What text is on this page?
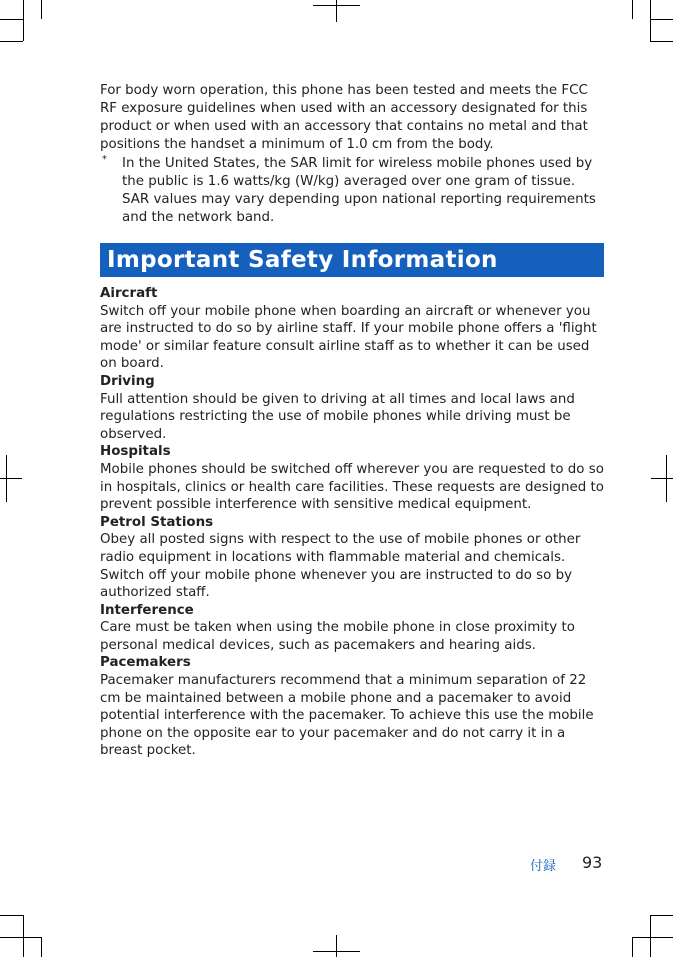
For body worn operation, this phone has been tested and meets the FCC RF exposure guidelines when used with an accessory designated for this product or when used with an accessory that contains no metal and that positions the handset a minimum of 1.0 cm from the body.

* In the United States, the SAR limit for wireless mobile phones used by the public is 1.6 watts/kg (W/kg) averaged over one gram of tissue. SAR values may vary depending upon national reporting requirements and the network band.
Important Safety Information

Aircraft

Switch off your mobile phone when boarding an aircraft or whenever you are instructed to do so by airline staff. If your mobile phone offers a 'flight mode' or similar feature consult airline staff as to whether it can be used on board.

Driving

Full attention should be given to driving at all times and local laws and regulations restricting the use of mobile phones while driving must be observed.

Hospitals

Mobile phones should be switched off wherever you are requested to do so in hospitals, clinics or health care facilities. These requests are designed to prevent possible interference with sensitive medical equipment.

Petrol Stations

Obey all posted signs with respect to the use of mobile phones or other radio equipment in locations with flammable material and chemicals. Switch off your mobile phone whenever you are instructed to do so by authorized staff.

Interference

Care must be taken when using the mobile phone in close proximity to personal medical devices, such as pacemakers and hearing aids.

Pacemakers

Pacemaker manufacturers recommend that a minimum separation of 22 cm be maintained between a mobile phone and a pacemaker to avoid potential interference with the pacemaker. To achieve this use the mobile phone on the opposite ear to your pacemaker and do not carry it in a breast pocket.

付録 93
